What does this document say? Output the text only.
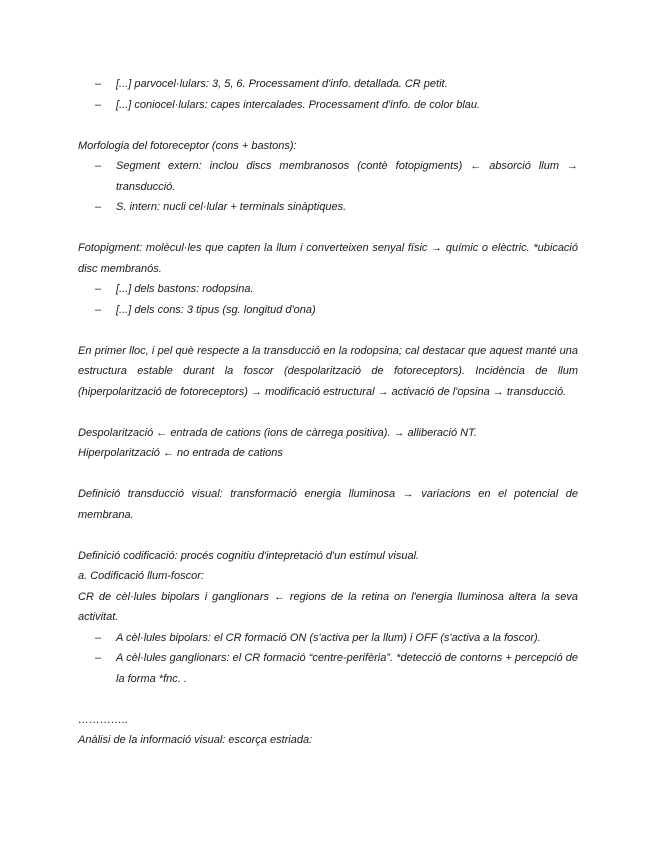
– [...] parvocel·lulars: 3, 5, 6. Processament d'info. detallada. CR petit.
– [...] coniocel·lulars: capes intercalades. Processament d'info. de color blau.

Morfologia del fotoreceptor (cons + bastons):

– Segment extern: inclou discs membranosos (contè fotopigments) ← absorció llum → transducció.
– S. intern: nucli cel·lular + terminals sinàptiques.

Fotopigment: molècul·les que capten la llum i converteixen senyal físic → químic o elèctric. *ubicació disc membranós.

– [...] dels bastons: rodopsina.
– [...] dels cons: 3 tipus (sg. longitud d'ona)

En primer lloc, i pel què respecte a la transducció en la rodopsina; cal destacar que aquest manté una estructura estable durant la foscor (despolarització de fotoreceptors). Incidència de llum (hiperpolarització de fotoreceptors) → modificació estructural → activació de l'opsina → transducció.

Despolarització ← entrada de cations (ions de càrrega positiva). → alliberació NT.

Hiperpolarització ← no entrada de cations

Definició transducció visual: transformació energia lluminosa → variacions en el potencial de membrana.

Definició codificació: procés cognitiu d'intepretació d'un estímul visual.

a. Codificació llum-foscor:

CR de cèl·lules bipolars i ganglionars ← regions de la retina on l'energia lluminosa altera la seva activitat.

– A cèl·lules bipolars: el CR formació ON (s'activa per la llum) i OFF (s'activa a la foscor).
– A cèl·lules ganglionars: el CR formació “centre-perifèria”. *detecció de contorns + percepció de la forma *fnc. .

…………..

Anàlisi de la informació visual: escorça estriada:
